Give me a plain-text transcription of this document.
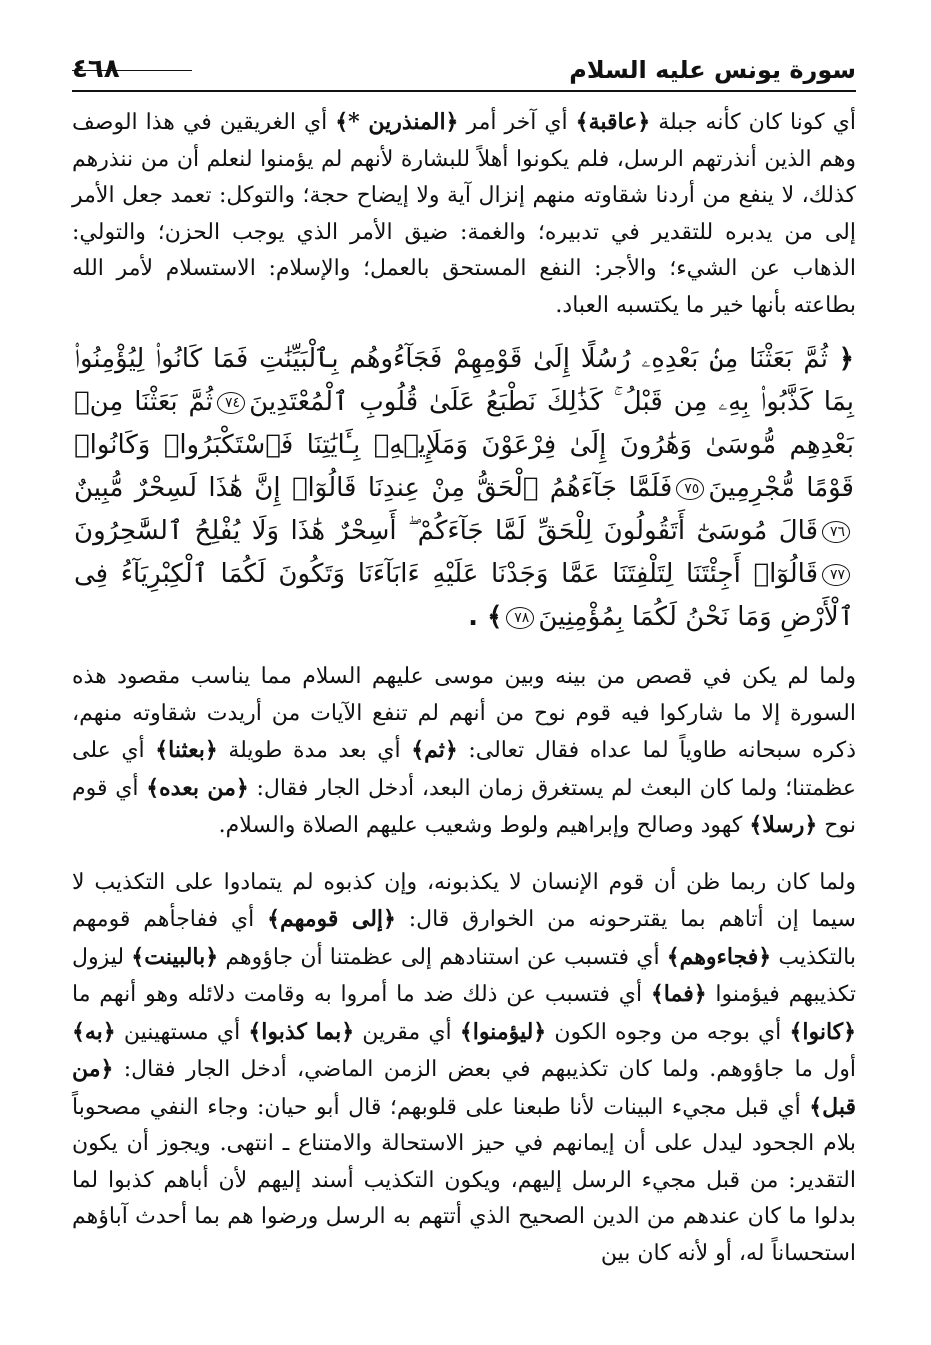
سورة يونس عليه السلام
٤٦٨

أي كونا كان كأنه جبلة ﴿عاقبة﴾ أي آخر أمر ﴿المنذرين *﴾ أي الغريقين في هذا الوصف وهم الذين أنذرتهم الرسل، فلم يكونوا أهلاً للبشارة لأنهم لم يؤمنوا لنعلم أن من ننذرهم كذلك، لا ينفع من أردنا شقاوته منهم إنزال آية ولا إيضاح حجة؛ والتوكل: تعمد جعل الأمر إلى من يدبره للتقدير في تدبيره؛ والغمة: ضيق الأمر الذي يوجب الحزن؛ والتولي: الذهاب عن الشيء؛ والأجر: النفع المستحق بالعمل؛ والإسلام: الاستسلام لأمر الله بطاعته بأنها خير ما يكتسبه العباد.

﴿ ثُمَّ بَعَثْنَا مِنۢ بَعْدِهِۦ رُسُلًا إِلَىٰ قَوْمِهِمْ فَجَآءُوهُم بِٱلْبَيِّنَٰتِ فَمَا كَانُوا۟ لِيُؤْمِنُوا۟ بِمَا كَذَّبُوا۟ بِهِۦ مِن قَبْلُ ۚ كَذَٰلِكَ نَطْبَعُ عَلَىٰ قُلُوبِ ٱلْمُعْتَدِينَ٧٤ثُمَّ بَعَثْنَا مِنۢ بَعْدِهِم مُّوسَىٰ وَهَٰرُونَ إِلَىٰ فِرْعَوْنَ وَمَلَإِي۟هِۦ بِـَٔايَٰتِنَا فَٱسْتَكْبَرُوا۟ وَكَانُوا۟ قَوْمًا مُّجْرِمِينَ٧٥فَلَمَّا جَآءَهُمُ ٱلْحَقُّ مِنْ عِندِنَا قَالُوٓا۟ إِنَّ هَٰذَا لَسِحْرٌ مُّبِينٌ٧٦قَالَ مُوسَىٰٓ أَتَقُولُونَ لِلْحَقِّ لَمَّا جَآءَكُمْ ۖ أَسِحْرٌ هَٰذَا وَلَا يُفْلِحُ ٱلسَّٰحِرُونَ٧٧قَالُوٓا۟ أَجِئْتَنَا لِتَلْفِتَنَا عَمَّا وَجَدْنَا عَلَيْهِ ءَابَآءَنَا وَتَكُونَ لَكُمَا ٱلْكِبْرِيَآءُ فِى ٱلْأَرْضِ وَمَا نَحْنُ لَكُمَا بِمُؤْمِنِينَ٧٨﴾ .

ولما لم يكن في قصص من بينه وبين موسى عليهم السلام مما يناسب مقصود هذه السورة إلا ما شاركوا فيه قوم نوح من أنهم لم تنفع الآيات من أريدت شقاوته منهم، ذكره سبحانه طاوياً لما عداه فقال تعالى: ﴿ثم﴾ أي بعد مدة طويلة ﴿بعثنا﴾ أي على عظمتنا؛ ولما كان البعث لم يستغرق زمان البعد، أدخل الجار فقال: ﴿من بعده﴾ أي قوم نوح ﴿رسلا﴾ كهود وصالح وإبراهيم ولوط وشعيب عليهم الصلاة والسلام.

ولما كان ربما ظن أن قوم الإنسان لا يكذبونه، وإن كذبوه لم يتمادوا على التكذيب لا سيما إن أتاهم بما يقترحونه من الخوارق قال: ﴿إلى قومهم﴾ أي ففاجأهم قومهم بالتكذيب ﴿فجاءوهم﴾ أي فتسبب عن استنادهم إلى عظمتنا أن جاؤوهم ﴿بالبينت﴾ ليزول تكذيبهم فيؤمنوا ﴿فما﴾ أي فتسبب عن ذلك ضد ما أمروا به وقامت دلائله وهو أنهم ما ﴿كانوا﴾ أي بوجه من وجوه الكون ﴿ليؤمنوا﴾ أي مقرين ﴿بما كذبوا﴾ أي مستهينين ﴿به﴾ أول ما جاؤوهم. ولما كان تكذيبهم في بعض الزمن الماضي، أدخل الجار فقال: ﴿من قبل﴾ أي قبل مجيء البينات لأنا طبعنا على قلوبهم؛ قال أبو حيان: وجاء النفي مصحوباً بلام الجحود ليدل على أن إيمانهم في حيز الاستحالة والامتناع ـ انتهى. ويجوز أن يكون التقدير: من قبل مجيء الرسل إليهم، ويكون التكذيب أسند إليهم لأن أباهم كذبوا لما بدلوا ما كان عندهم من الدين الصحيح الذي أتتهم به الرسل ورضوا هم بما أحدث آباؤهم استحساناً له، أو لأنه كان بين
